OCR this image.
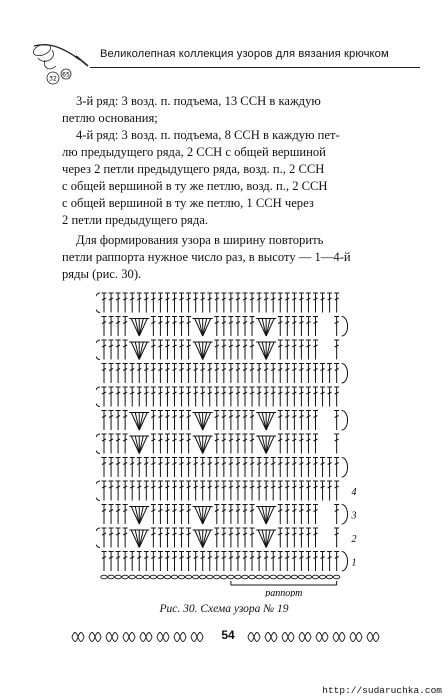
32
65
Великолепная коллекция узоров для вязания крючком

3-й ряд: 3 возд. п. подъема, 13 ССН в каждую

петлю основания;

4-й ряд: 3 возд. п. подъема, 8 ССН в каждую пет-

лю предыдущего ряда, 2 ССН с общей вершиной

через 2 петли предыдущего ряда, возд. п., 2 ССН

с общей вершиной в ту же петлю, возд. п., 2 ССН

с общей вершиной в ту же петлю, 1 ССН через

2 петли предыдущего ряда.

Для формирования узора в ширину повторить

петли раппорта нужное число раз, в высоту — 1—4-й

ряды (рис. 30).

4
3
2
1
раппорт
Рис. 30. Схема узора № 19
54
http://sudaruchka.com
